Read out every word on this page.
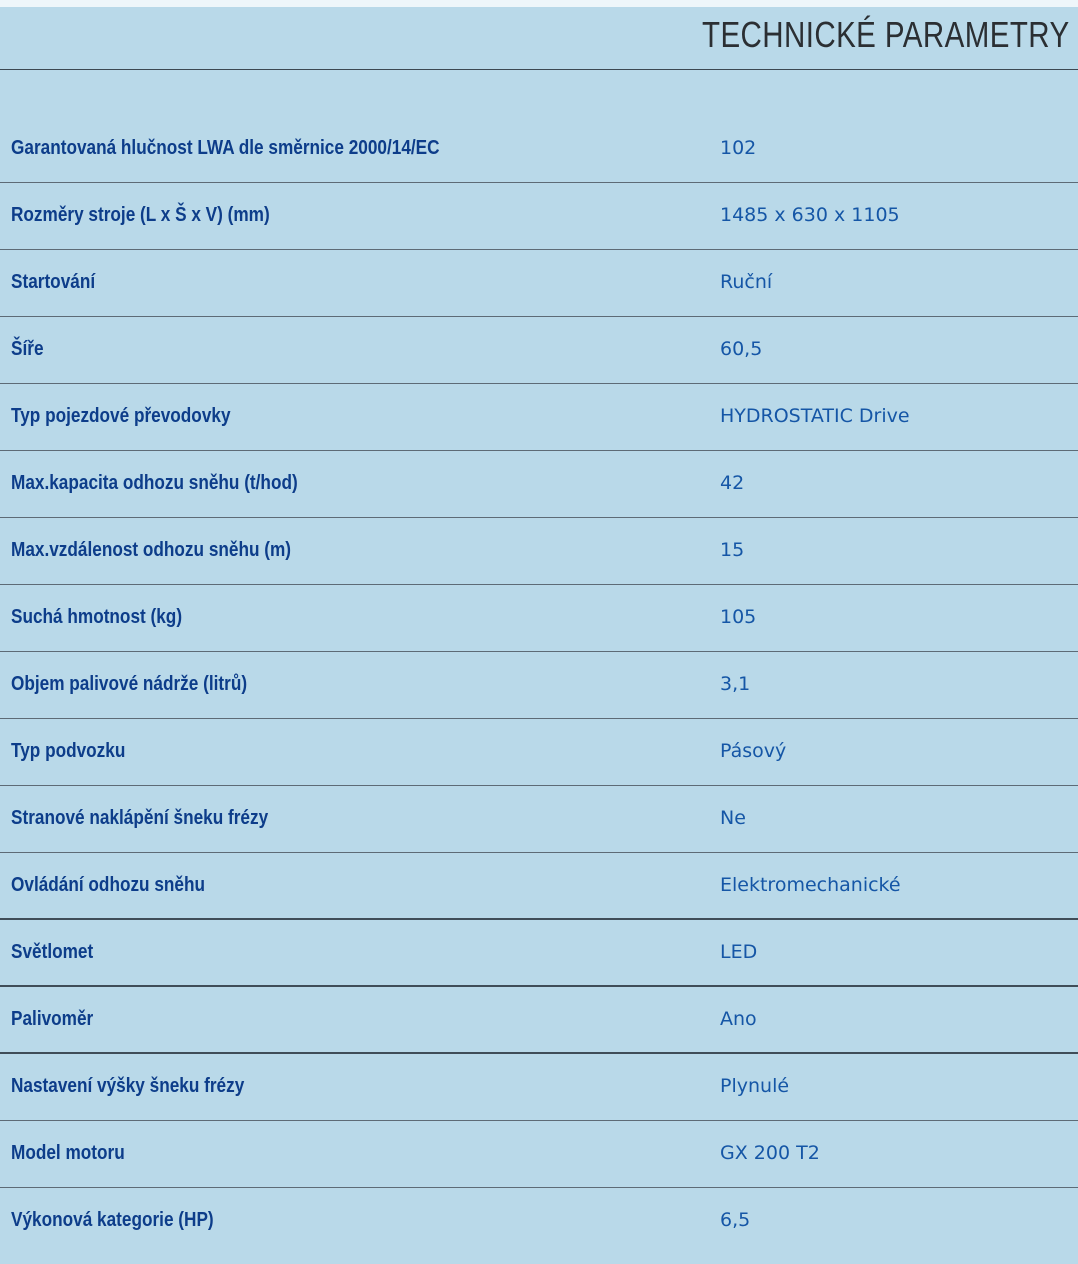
TECHNICKÉ PARAMETRY
Garantovaná hlučnost LWA dle směrnice 2000/14/EC	102
Rozměry stroje (L x Š x V) (mm)	1485 x 630 x 1105
Startování	Ruční
Šíře	60,5
Typ pojezdové převodovky	HYDROSTATIC Drive
Max.kapacita odhozu sněhu (t/hod)	42
Max.vzdálenost odhozu sněhu (m)	15
Suchá hmotnost (kg)	105
Objem palivové nádrže (litrů)	3,1
Typ podvozku	Pásový
Stranové naklápění šneku frézy	Ne
Ovládání odhozu sněhu	Elektromechanické
Světlomet	LED
Palivoměr	Ano
Nastavení výšky šneku frézy	Plynulé
Model motoru	GX 200 T2
Výkonová kategorie (HP)	6,5
